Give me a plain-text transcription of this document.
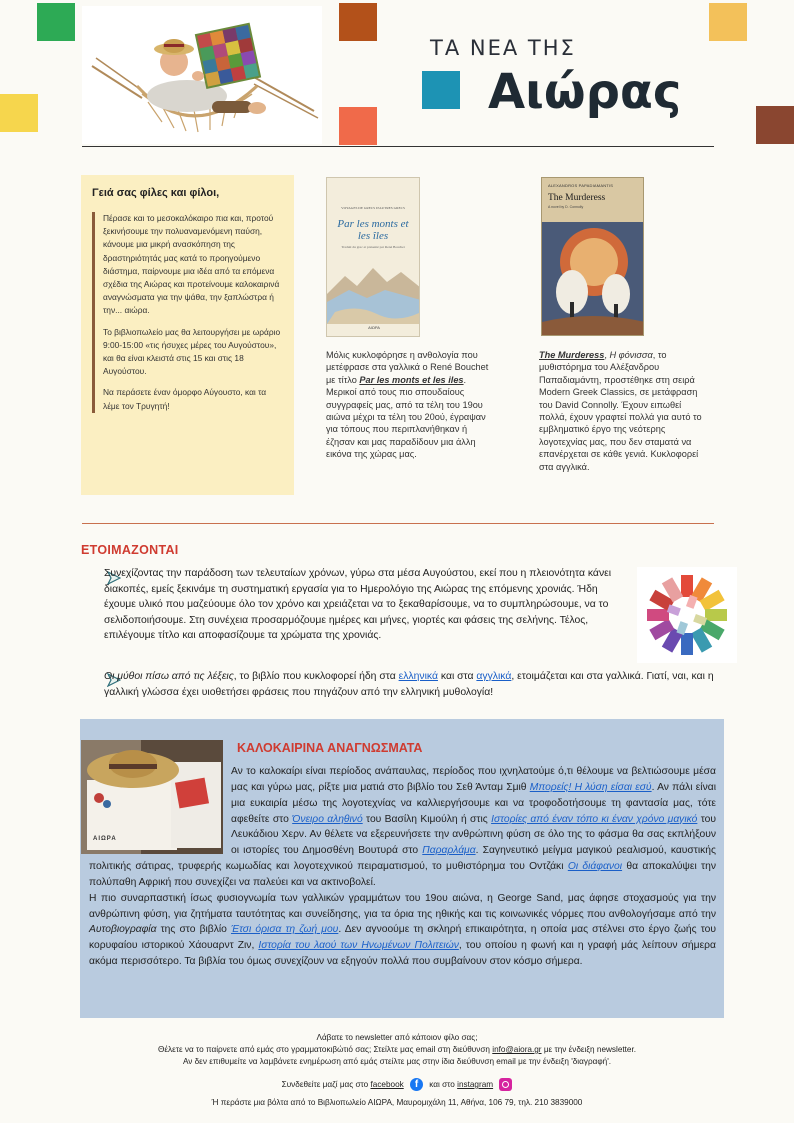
ΤΑ ΝΕΑ ΤΗΣ
Αιώρας
Γειά σας φίλες και φίλοι,

Πέρασε και το μεσοκαλόκαιρο πια και, προτού ξεκινήσουμε την πολυαναμενόμενη παύση, κάνουμε μια μικρή ανασκόπηση της δραστηριότητάς μας κατά το προηγούμενο διάστημα, παίρνουμε μια ιδέα από τα επόμενα σχέδια της Αιώρας και προτείνουμε καλοκαιρινά αναγνώσματα για την ψάθα, την ξαπλώστρα ή την... αιώρα.

Το βιβλιοπωλείο μας θα λειτουργήσει με ωράριο 9:00-15:00 «τις ήσυχες μέρες του Αυγούστου», και θα είναι κλειστά στις 15 και στις 18 Αυγούστου.

Να περάσετε έναν όμορφο Αύγουστο, και τα λέμε τον Τρυγητή!

VOYAGES DE GRECS D'AUTRES GRECS
Par les monts et les îles
Traduit du grec et présenté par René Bouchet
AIΩPA
Μόλις κυκλοφόρησε η ανθολογία που μετέφρασε στα γαλλικά ο René Bouchet με τίτλο Par les monts et les iles. Μερικοί από τους πιο σπουδαίους συγγραφείς μας, από τα τέλη του 19ου αιώνα μέχρι τα τέλη του 20ού, έγραψαν για τόπους που περιπλανήθηκαν ή έζησαν και μας παραδίδουν μια άλλη εικόνα της χώρας μας.
ALEXANDROS PAPADIAMANTIS
The Murderess
A novel by D. Connolly
The Murderess, Η φόνισσα, το μυθιστόρημα του Αλέξανδρου Παπαδιαμάντη, προστέθηκε στη σειρά Modern Greek Classics, σε μετάφραση του David Connolly. Έχουν ειπωθεί πολλά, έχουν γραφτεί πολλά για αυτό το εμβληματικό έργο της νεότερης λογοτεχνίας μας, που δεν σταματά να επανέρχεται σε κάθε γενιά. Κυκλοφορεί στα αγγλικά.
ΕΤΟΙΜΑΖΟΝΤΑΙ
Συνεχίζοντας την παράδοση των τελευταίων χρόνων, γύρω στα μέσα Αυγούστου, εκεί που η πλειονότητα κάνει διακοπές, εμείς ξεκινάμε τη συστηματική εργασία για το Ημερολόγιο της Αιώρας της επόμενης χρονιάς. Ήδη έχουμε υλικό που μαζεύουμε όλο τον χρόνο και χρειάζεται να το ξεκαθαρίσουμε, να το συμπληρώσουμε, να το σελιδοποιήσουμε. Στη συνέχεια προσαρμόζουμε ημέρες και μήνες, γιορτές και φάσεις της σελήνης. Τέλος, επιλέγουμε τίτλο και αποφασίζουμε τα χρώματα της χρονιάς.
Οι μύθοι πίσω από τις λέξεις, το βιβλίο που κυκλοφορεί ήδη στα ελληνικά και στα αγγλικά, ετοιμάζεται και στα γαλλικά. Γιατί, ναι, και η γαλλική γλώσσα έχει υιοθετήσει φράσεις που πηγάζουν από την ελληνική μυθολογία!
ΚΑΛΟΚΑΙΡΙΝΑ ΑΝΑΓΝΩΣΜΑΤΑ
AIΩPA
Αν το καλοκαίρι είναι περίοδος ανάπαυλας, περίοδος που ιχνηλατούμε ό,τι θέλουμε να βελτιώσουμε μέσα μας και γύρω μας, ρίξτε μια ματιά στο βιβλίο του Σεθ Άνταμ Σμιθ Μπορείς! Η λύση είσαι εσύ. Αν πάλι είναι μια ευκαιρία μέσω της λογοτεχνίας να καλλιεργήσουμε και να τροφοδοτήσουμε τη φαντασία μας, τότε αφεθείτε στο Όνειρο αληθινό του Βασίλη Κιμούλη ή στις Ιστορίες από έναν τόπο κι έναν χρόνο μαγικό του Λευκάδιου Χερν. Αν θέλετε να εξερευνήσετε την ανθρώπινη φύση σε όλο της το φάσμα θα σας εκπλήξουν οι ιστορίες του Δημοσθένη Βουτυρά στο Παραρλάμα. Σαγηνευτικό μείγμα μαγικού ρεαλισμού, καυστικής πολιτικής σάτιρας, τρυφερής κωμωδίας και λογοτεχνικού πειραματισμού, το μυθιστόρημα του Οντζάκι Οι διάφανοι θα αποκαλύψει την πολύπαθη Αφρική που συνεχίζει να παλεύει και να ακτινοβολεί.
Η πιο συναρπαστική ίσως φυσιογνωμία των γαλλικών γραμμάτων του 19ου αιώνα, η George Sand, μας άφησε στοχασμούς για την ανθρώπινη φύση, για ζητήματα ταυτότητας και συνείδησης, για τα όρια της ηθικής και τις κοινωνικές νόρμες που ανθολογήσαμε από την Αυτοβιογραφία της στο βιβλίο Έτσι όρισα τη ζωή μου. Δεν αγνοούμε τη σκληρή επικαιρότητα, η οποία μας στέλνει στο έργο ζωής του κορυφαίου ιστορικού Χάουαρντ Ζιν, Ιστορία του λαού των Ηνωμένων Πολιτειών, του οποίου η φωνή και η γραφή μάς λείπουν σήμερα ακόμα περισσότερο. Τα βιβλία του όμως συνεχίζουν να εξηγούν πολλά που συμβαίνουν στον κόσμο σήμερα.
Λάβατε το newsletter από κάποιον φίλο σας;
Θέλετε να το παίρνετε από εμάς στο γραμματοκιβώτιό σας; Στείλτε μας email στη διεύθυνση info@aiora.gr με την ένδειξη newsletter.
Αν δεν επιθυμείτε να λαμβάνετε ενημέρωση από εμάς στείλτε μας στην ίδια διεύθυνση email με την ένδειξη 'διαγραφή'.
Συνδεθείτε μαζί μας στο facebook f και στο instagram
Ή περάστε μια βόλτα από το Βιβλιοπωλείο ΑΙΩΡΑ, Μαυρομιχάλη 11, Αθήνα, 106 79, τηλ. 210 3839000
